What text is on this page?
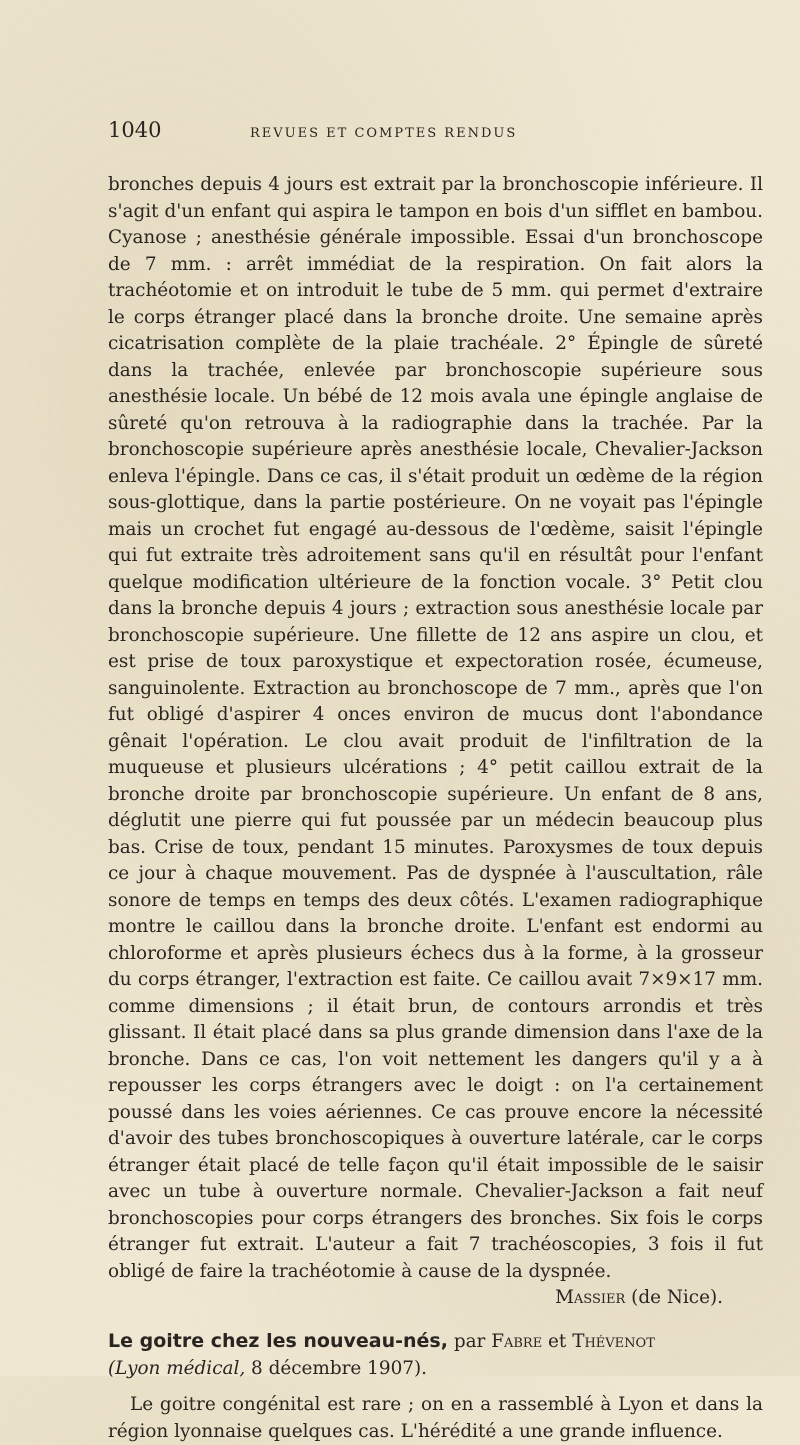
1040	REVUES ET COMPTES RENDUS

bronches depuis 4 jours est extrait par la bronchoscopie inférieure. Il s'agit d'un enfant qui aspira le tampon en bois d'un sifflet en bambou. Cyanose ; anesthésie générale impossible. Essai d'un bronchoscope de 7 mm. : arrêt immédiat de la respiration. On fait alors la trachéotomie et on introduit le tube de 5 mm. qui permet d'extraire le corps étranger placé dans la bronche droite. Une semaine après cicatrisation complète de la plaie trachéale. 2° Épingle de sûreté dans la trachée, enlevée par bronchoscopie supérieure sous anesthésie locale. Un bébé de 12 mois avala une épingle anglaise de sûreté qu'on retrouva à la radiographie dans la trachée. Par la bronchoscopie supérieure après anesthésie locale, Chevalier-Jackson enleva l'épingle. Dans ce cas, il s'était produit un œdème de la région sous-glottique, dans la partie postérieure. On ne voyait pas l'épingle mais un crochet fut engagé au-dessous de l'œdème, saisit l'épingle qui fut extraite très adroitement sans qu'il en résultât pour l'enfant quelque modification ultérieure de la fonction vocale. 3° Petit clou dans la bronche depuis 4 jours ; extraction sous anesthésie locale par bronchoscopie supérieure. Une fillette de 12 ans aspire un clou, et est prise de toux paroxystique et expectoration rosée, écumeuse, sanguinolente. Extraction au bronchoscope de 7 mm., après que l'on fut obligé d'aspirer 4 onces environ de mucus dont l'abondance gênait l'opération. Le clou avait produit de l'infiltration de la muqueuse et plusieurs ulcérations ; 4° petit caillou extrait de la bronche droite par bronchoscopie supérieure. Un enfant de 8 ans, déglutit une pierre qui fut poussée par un médecin beaucoup plus bas. Crise de toux, pendant 15 minutes. Paroxysmes de toux depuis ce jour à chaque mouvement. Pas de dyspnée à l'auscultation, râle sonore de temps en temps des deux côtés. L'examen radiographique montre le caillou dans la bronche droite. L'enfant est endormi au chloroforme et après plusieurs échecs dus à la forme, à la grosseur du corps étranger, l'extraction est faite. Ce caillou avait 7×9×17 mm. comme dimensions ; il était brun, de contours arrondis et très glissant. Il était placé dans sa plus grande dimension dans l'axe de la bronche. Dans ce cas, l'on voit nettement les dangers qu'il y a à repousser les corps étrangers avec le doigt : on l'a certainement poussé dans les voies aériennes. Ce cas prouve encore la nécessité d'avoir des tubes bronchoscopiques à ouverture latérale, car le corps étranger était placé de telle façon qu'il était impossible de le saisir avec un tube à ouverture normale. Chevalier-Jackson a fait neuf bronchoscopies pour corps étrangers des bronches. Six fois le corps étranger fut extrait. L'auteur a fait 7 trachéoscopies, 3 fois il fut obligé de faire la trachéotomie à cause de la dyspnée.

Massier (de Nice).
Le goitre chez les nouveau-nés, par Fabre et Thévenot
(Lyon médical, 8 décembre 1907).

Le goitre congénital est rare ; on en a rassemblé à Lyon et dans la région lyonnaise quelques cas. L'hérédité a une grande influence.
